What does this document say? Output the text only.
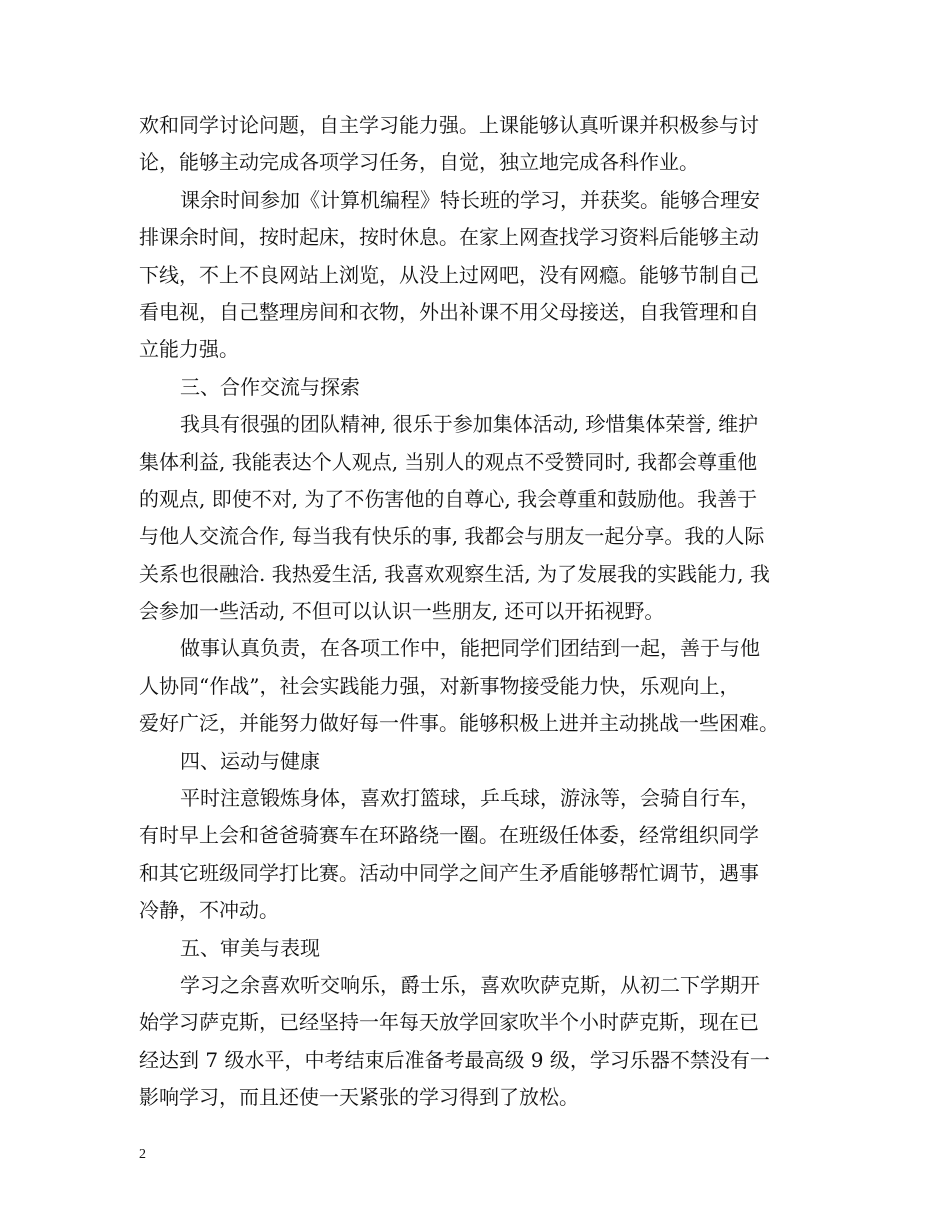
欢和同学讨论问题，自主学习能力强。上课能够认真听课并积极参与讨
论，能够主动完成各项学习任务，自觉，独立地完成各科作业。
课余时间参加《计算机编程》特长班的学习，并获奖。能够合理安
排课余时间，按时起床，按时休息。在家上网查找学习资料后能够主动
下线，不上不良网站上浏览，从没上过网吧，没有网瘾。能够节制自己
看电视，自己整理房间和衣物，外出补课不用父母接送，自我管理和自
立能力强。
三、合作交流与探索
我具有很强的团队精神, 很乐于参加集体活动, 珍惜集体荣誉, 维护
集体利益, 我能表达个人观点, 当别人的观点不受赞同时, 我都会尊重他
的观点, 即使不对, 为了不伤害他的自尊心, 我会尊重和鼓励他。我善于
与他人交流合作, 每当我有快乐的事, 我都会与朋友一起分享。我的人际
关系也很融洽. 我热爱生活, 我喜欢观察生活, 为了发展我的实践能力, 我
会参加一些活动, 不但可以认识一些朋友, 还可以开拓视野。
做事认真负责，在各项工作中，能把同学们团结到一起，善于与他
人协同“作战”，社会实践能力强，对新事物接受能力快，乐观向上，
爱好广泛，并能努力做好每一件事。能够积极上进并主动挑战一些困难。
四、运动与健康
平时注意锻炼身体，喜欢打篮球，乒乓球，游泳等，会骑自行车，
有时早上会和爸爸骑赛车在环路绕一圈。在班级任体委，经常组织同学
和其它班级同学打比赛。活动中同学之间产生矛盾能够帮忙调节，遇事
冷静，不冲动。
五、审美与表现
学习之余喜欢听交响乐，爵士乐，喜欢吹萨克斯，从初二下学期开
始学习萨克斯，已经坚持一年每天放学回家吹半个小时萨克斯，现在已
经达到 7 级水平，中考结束后准备考最高级 9 级，学习乐器不禁没有一
影响学习，而且还使一天紧张的学习得到了放松。
2
